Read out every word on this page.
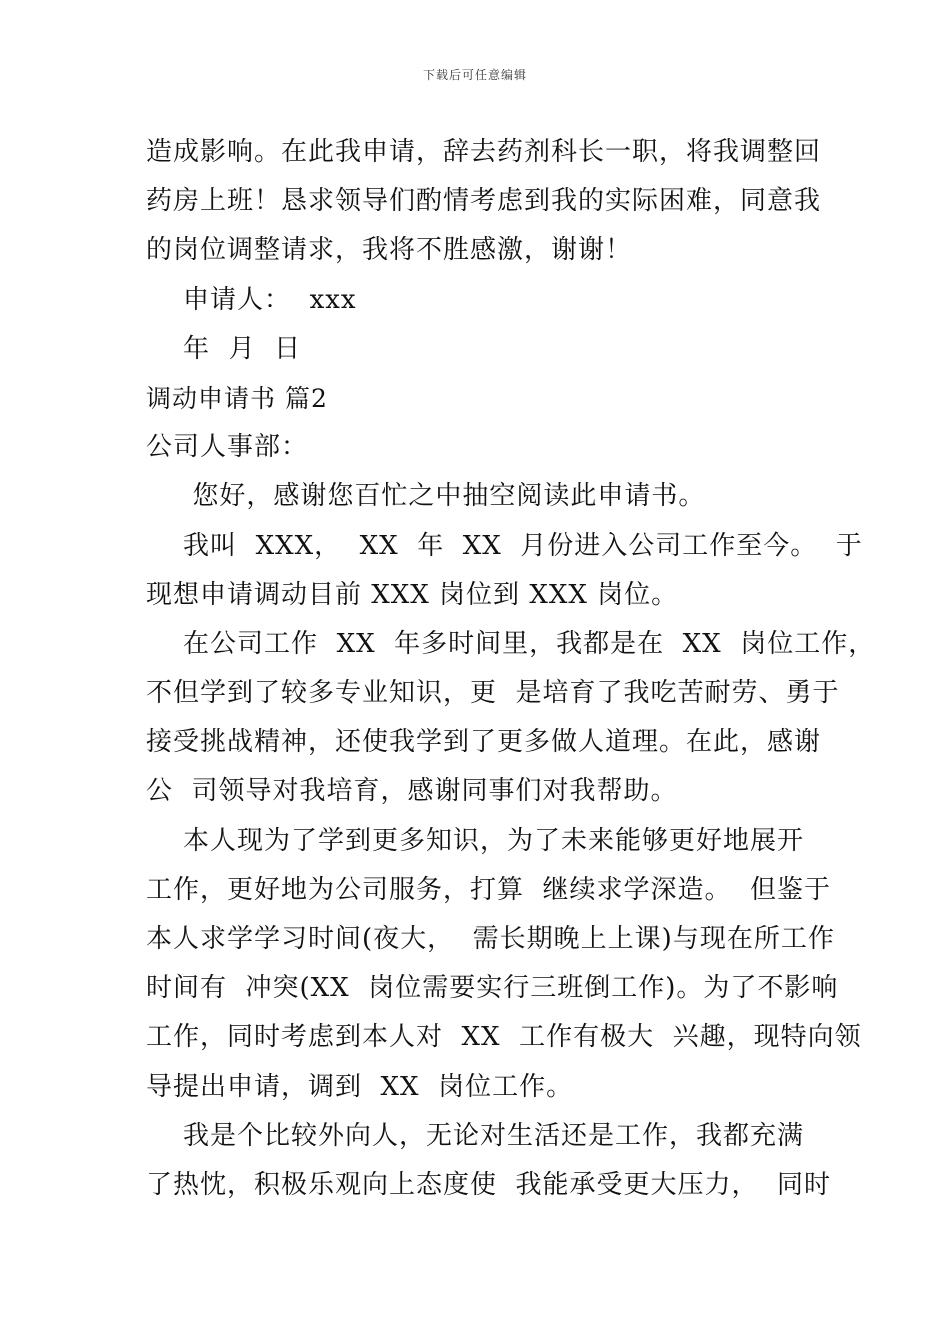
下载后可任意编辑
造成影响。在此我申请，辞去药剂科长一职，将我调整回
药房上班！恳求领导们酌情考虑到我的实际困难，同意我
的岗位调整请求，我将不胜感激，谢谢！
申请人：  xxx
年  月  日
调动申请书 篇2
公司人事部：
您好，感谢您百忙之中抽空阅读此申请书。
我叫  XXX，  XX  年  XX  月份进入公司工作至今。  于
现想申请调动目前 XXX 岗位到 XXX 岗位。
在公司工作  XX  年多时间里，我都是在  XX  岗位工作，
不但学到了较多专业知识，更  是培育了我吃苦耐劳、勇于
接受挑战精神，还使我学到了更多做人道理。在此，感谢
公  司领导对我培育，感谢同事们对我帮助。
本人现为了学到更多知识，为了未来能够更好地展开
工作，更好地为公司服务，打算  继续求学深造。  但鉴于
本人求学学习时间(夜大，  需长期晚上上课)与现在所工作
时间有  冲突(XX  岗位需要实行三班倒工作)。为了不影响
工作，同时考虑到本人对  XX  工作有极大  兴趣，现特向领
导提出申请，调到  XX  岗位工作。
我是个比较外向人，无论对生活还是工作，我都充满
了热忱，积极乐观向上态度使  我能承受更大压力，  同时
